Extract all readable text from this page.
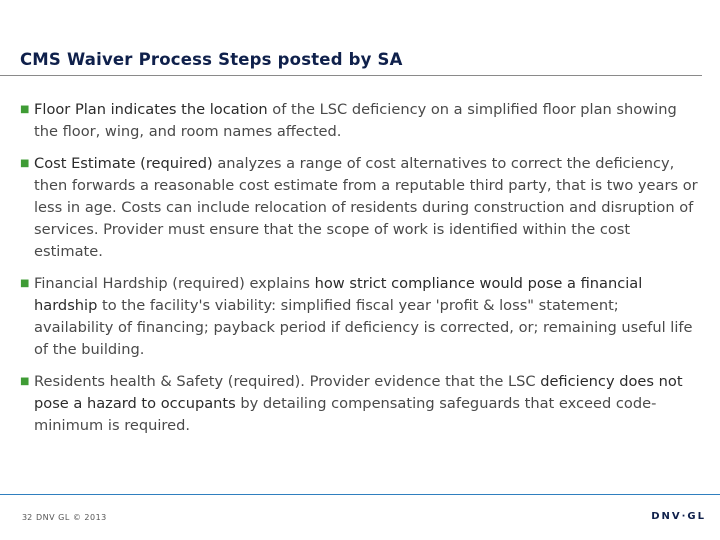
CMS Waiver Process Steps posted by SA
■ Floor Plan indicates the location of the LSC deficiency on a simplified floor plan showing the floor, wing, and room names affected.
■ Cost Estimate (required) analyzes a range of cost alternatives to correct the deficiency, then forwards a reasonable cost estimate from a reputable third party, that is two years or less in age. Costs can include relocation of residents during construction and disruption of services. Provider must ensure that the scope of work is identified within the cost estimate.
■ Financial Hardship (required) explains how strict compliance would pose a financial hardship to the facility's viability: simplified fiscal year 'profit & loss" statement; availability of financing; payback period if deficiency is corrected, or; remaining useful life of the building.
■ Residents health & Safety (required). Provider evidence that the LSC deficiency does not pose a hazard to occupants by detailing compensating safeguards that exceed code-minimum is required.
32 DNV GL © 2013	DNV·GL
